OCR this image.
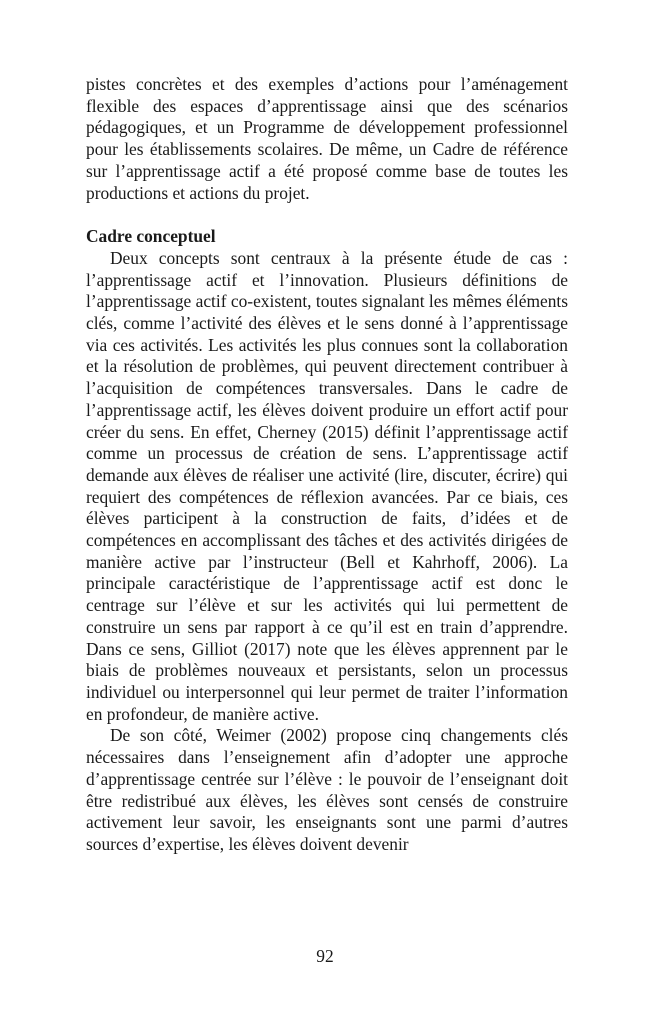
pistes concrètes et des exemples d’actions pour l’aménagement flexible des espaces d’apprentissage ainsi que des scénarios pédagogiques, et un Programme de développement professionnel pour les établissements scolaires. De même, un Cadre de référence sur l’apprentissage actif a été proposé comme base de toutes les productions et actions du projet.

Cadre conceptuel

Deux concepts sont centraux à la présente étude de cas : l’apprentissage actif et l’innovation. Plusieurs définitions de l’apprentissage actif co-existent, toutes signalant les mêmes éléments clés, comme l’activité des élèves et le sens donné à l’apprentissage via ces activités. Les activités les plus connues sont la collaboration et la résolution de problèmes, qui peuvent directement contribuer à l’acquisition de compétences transversales. Dans le cadre de l’apprentissage actif, les élèves doivent produire un effort actif pour créer du sens. En effet, Cherney (2015) définit l’apprentissage actif comme un processus de création de sens. L’apprentissage actif demande aux élèves de réaliser une activité (lire, discuter, écrire) qui requiert des compétences de réflexion avancées. Par ce biais, ces élèves participent à la construction de faits, d’idées et de compétences en accomplissant des tâches et des activités dirigées de manière active par l’instructeur (Bell et Kahrhoff, 2006). La principale caractéristique de l’apprentissage actif est donc le centrage sur l’élève et sur les activités qui lui permettent de construire un sens par rapport à ce qu’il est en train d’apprendre. Dans ce sens, Gilliot (2017) note que les élèves apprennent par le biais de problèmes nouveaux et persistants, selon un processus individuel ou interpersonnel qui leur permet de traiter l’information en profondeur, de manière active.

De son côté, Weimer (2002) propose cinq changements clés nécessaires dans l’enseignement afin d’adopter une approche d’apprentissage centrée sur l’élève : le pouvoir de l’enseignant doit être redistribué aux élèves, les élèves sont censés de construire activement leur savoir, les enseignants sont une parmi d’autres sources d’expertise, les élèves doivent devenir

92
